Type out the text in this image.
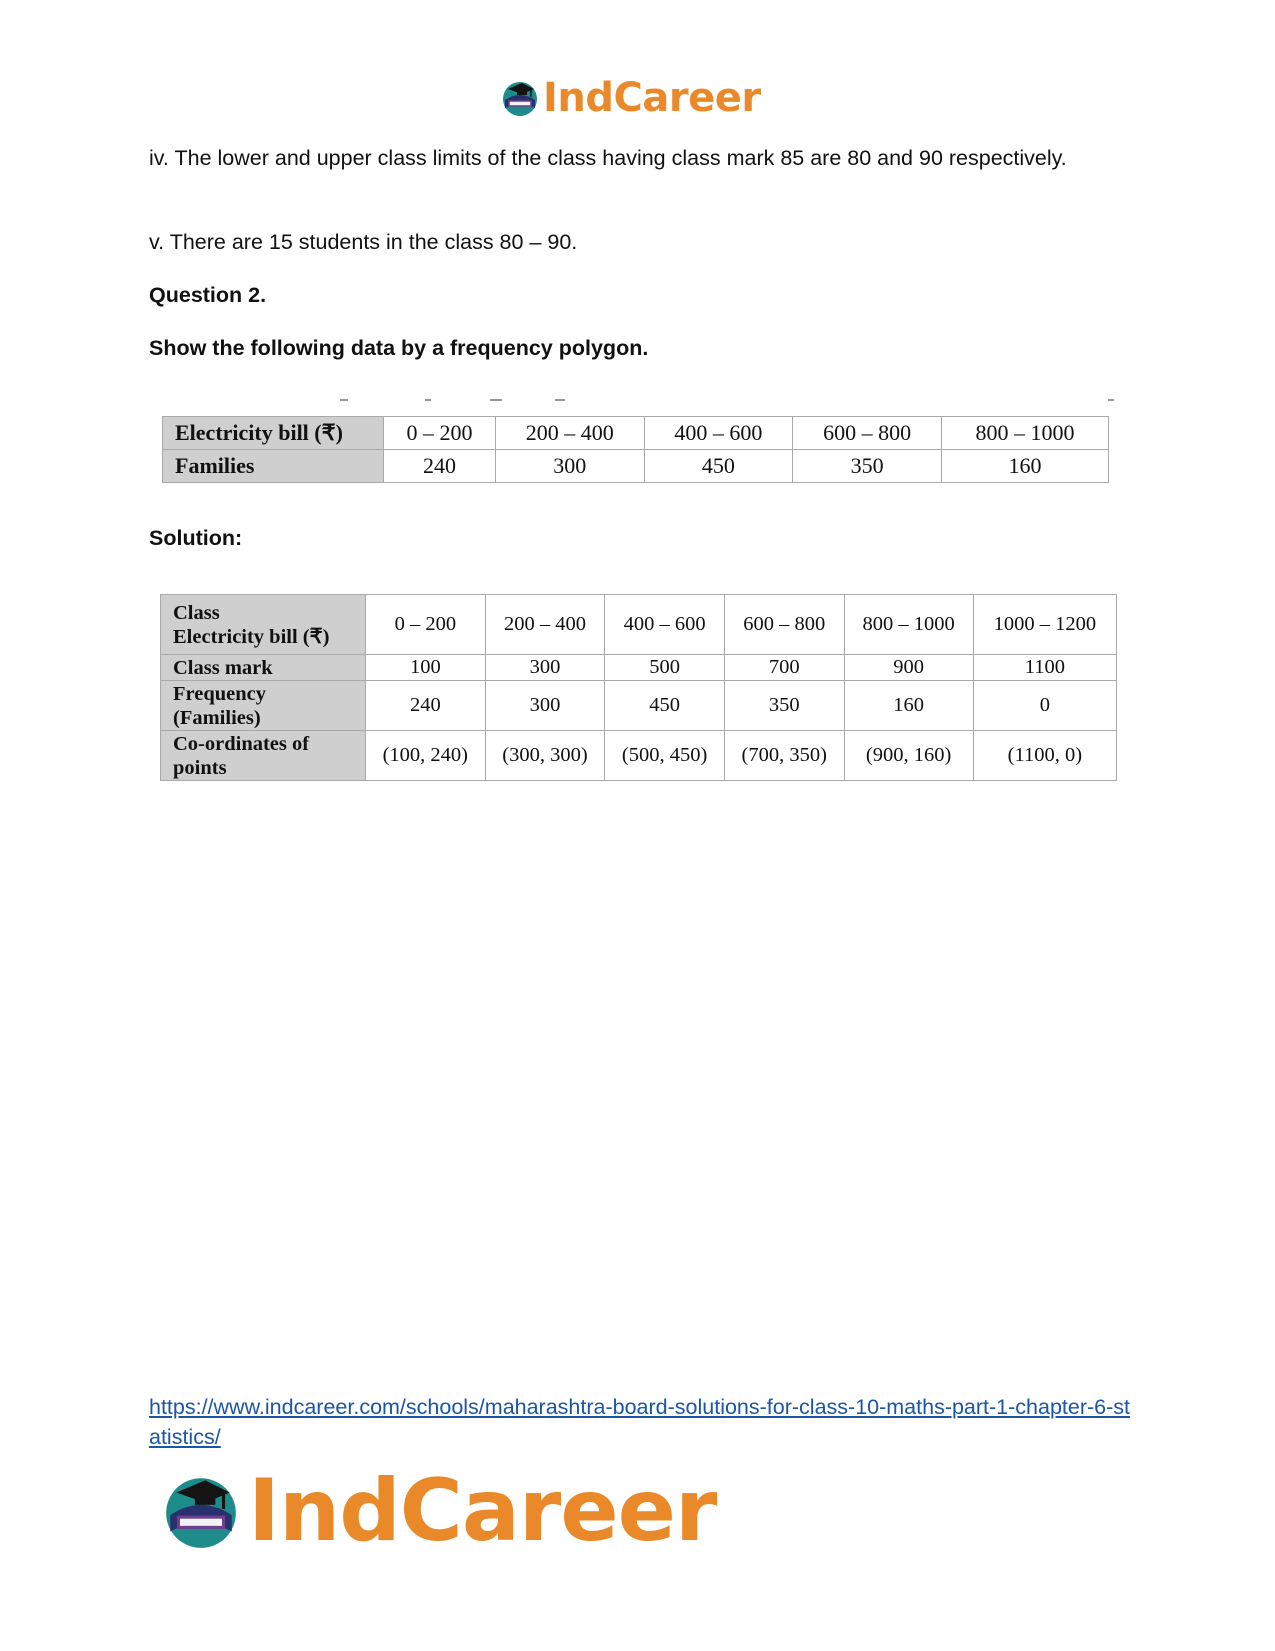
IndCareer

iv. The lower and upper class limits of the class having class mark 85 are 80 and 90 respectively.

v. There are 15 students in the class 80 – 90.

Question 2.

Show the following data by a frequency polygon.

Electricity bill (₹)	0 – 200	200 – 400	400 – 600	600 – 800	800 – 1000
Families	240	300	450	350	160

Solution:

Class
Electricity bill (₹)	0 – 200	200 – 400	400 – 600	600 – 800	800 – 1000	1000 – 1200
Class mark	100	300	500	700	900	1100
Frequency
(Families)	240	300	450	350	160	0
Co-ordinates of
points	(100, 240)	(300, 300)	(500, 450)	(700, 350)	(900, 160)	(1100, 0)
https://www.indcareer.com/schools/maharashtra-board-solutions-for-class-10-maths-part-1-chapter-6-statistics/
IndCareer
